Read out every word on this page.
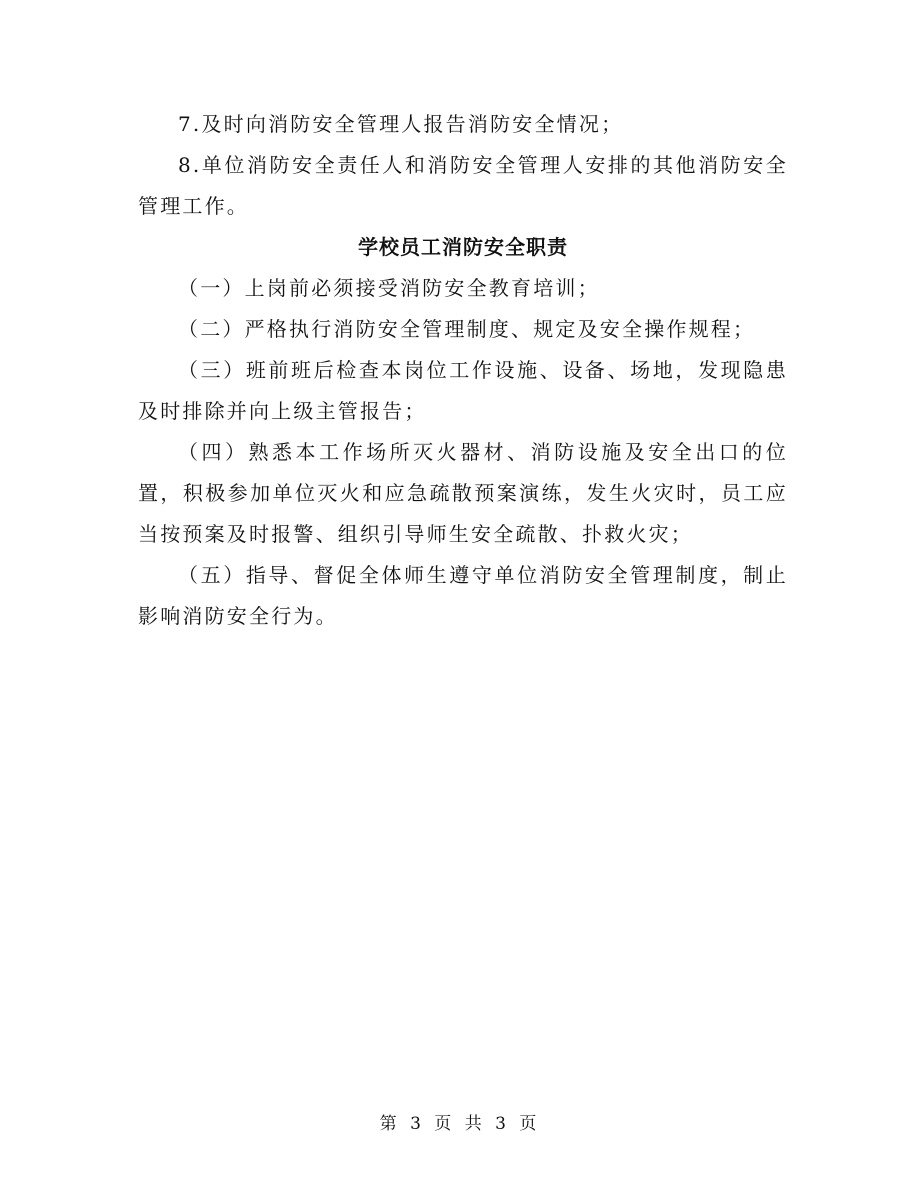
7.及时向消防安全管理人报告消防安全情况；

8.单位消防安全责任人和消防安全管理人安排的其他消防安全管理工作。

学校员工消防安全职责

（一）上岗前必须接受消防安全教育培训；

（二）严格执行消防安全管理制度、规定及安全操作规程；

（三）班前班后检查本岗位工作设施、设备、场地，发现隐患及时排除并向上级主管报告；

（四）熟悉本工作场所灭火器材、消防设施及安全出口的位置，积极参加单位灭火和应急疏散预案演练，发生火灾时，员工应当按预案及时报警、组织引导师生安全疏散、扑救火灾；

（五）指导、督促全体师生遵守单位消防安全管理制度，制止影响消防安全行为。

第 3 页 共 3 页
